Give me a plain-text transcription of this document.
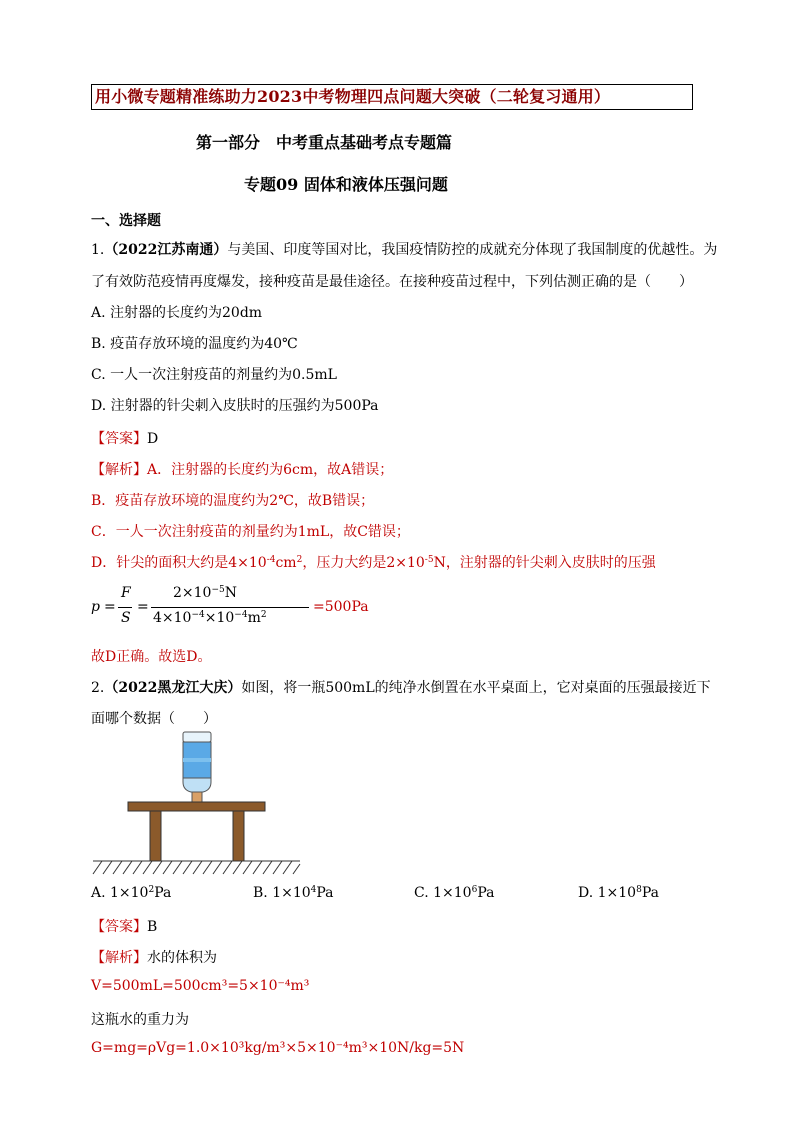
用小微专题精准练助力2023中考物理四点问题大突破（二轮复习通用）
第一部分　中考重点基础考点专题篇
专题09 固体和液体压强问题
一、选择题
1.（2022江苏南通）与美国、印度等国对比，我国疫情防控的成就充分体现了我国制度的优越性。为
了有效防范疫情再度爆发，接种疫苗是最佳途径。在接种疫苗过程中，下列估测正确的是（　　）
A. 注射器的长度约为20dm
B. 疫苗存放环境的温度约为40℃
C. 一人一次注射疫苗的剂量约为0.5mL
D. 注射器的针尖刺入皮肤时的压强约为500Pa
【答案】D
【解析】A．注射器的长度约为6cm，故A错误；
B．疫苗存放环境的温度约为2℃，故B错误；
C．一人一次注射疫苗的剂量约为1mL，故C错误；
D．针尖的面积大约是$4\times 10^{-4}cm^2$，压力大约是$2\times 10^{-5}N$，注射器的针尖刺入皮肤时的压强
p =
F
S
=
$2\times 10^{-5}N$
$4\times 10^{-4}\times 10^{-4}m^2$	=500Pa
故D正确。故选D。
2.（2022黑龙江大庆）如图，将一瓶500mL的纯净水倒置在水平桌面上，它对桌面的压强最接近下
面哪个数据（　　）
A. $1\times 10^2Pa$	B. $1\times 10^4Pa$	C. $1\times 10^6Pa$	D. $1\times 10^8Pa$
【答案】B
【解析】水的体积为
V=500mL=500cm³=5×10⁻⁴m³
这瓶水的重力为
G=mg=ρVg=1.0×10³kg/m³×5×10⁻⁴m³×10N/kg=5N
